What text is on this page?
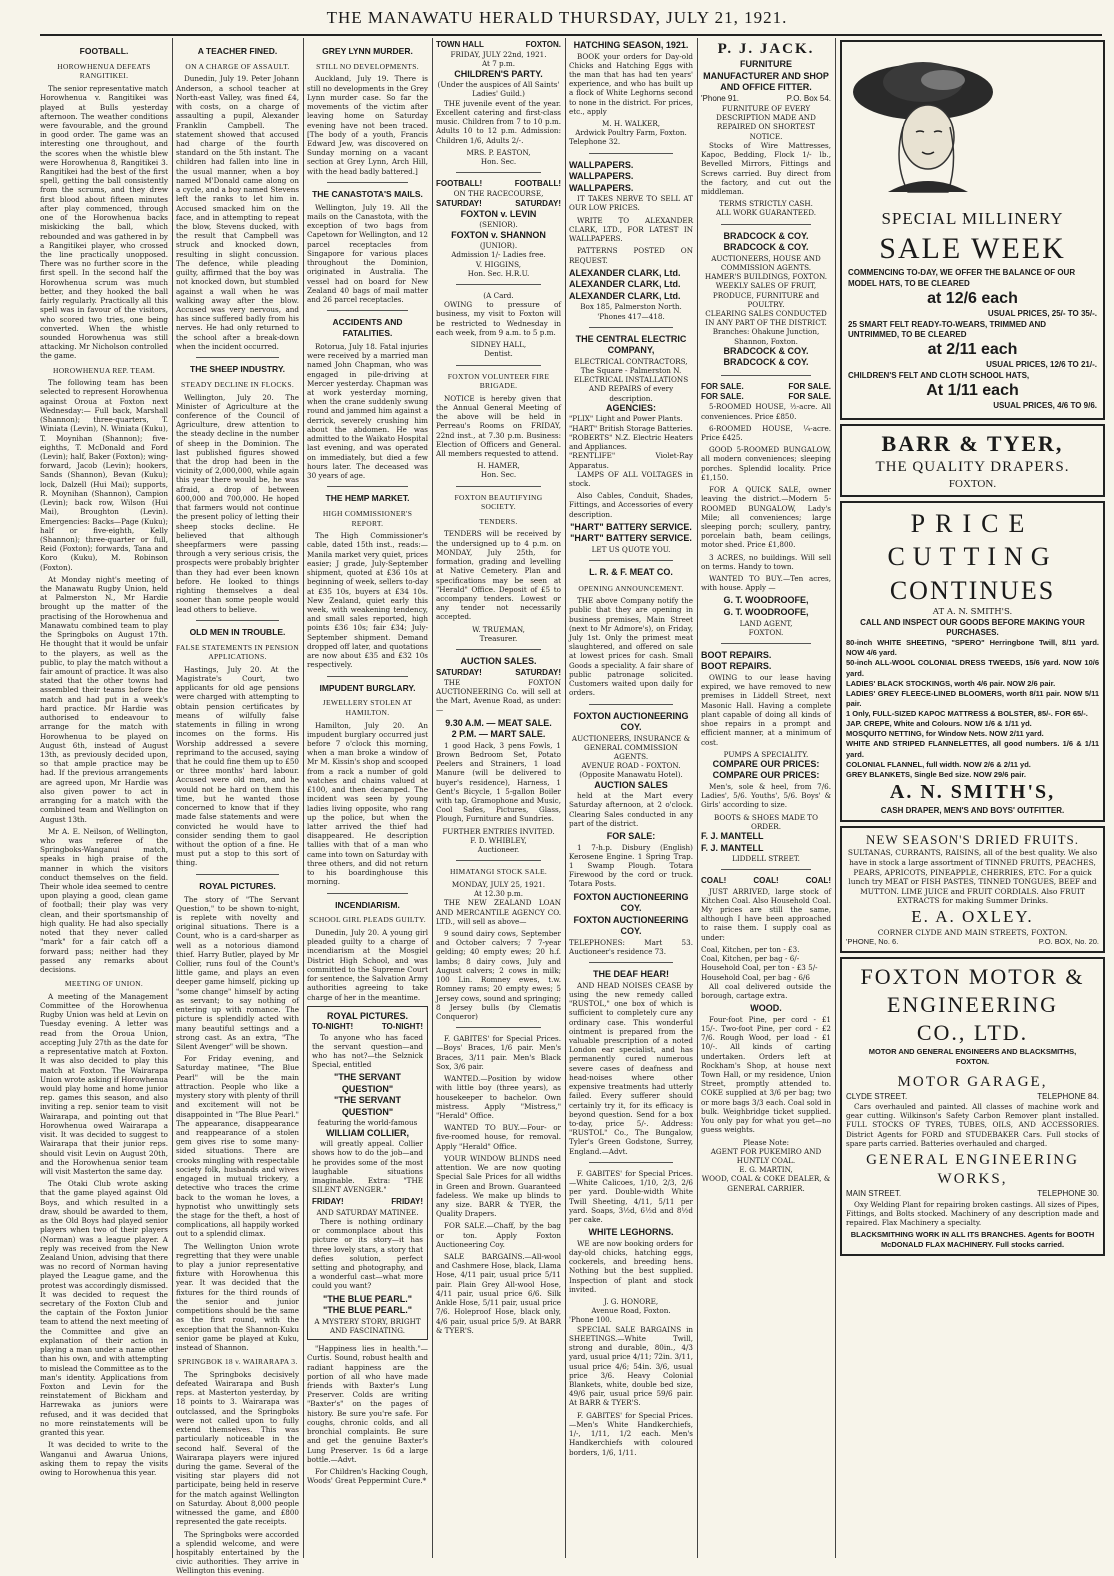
THE MANAWATU HERALD THURSDAY, JULY 21, 1921.
FOOTBALL.
HOROWHENUA DEFEATS RANGITIKEI.

The senior representative match Horowhenua v. Rangitikei was played at Bulls yesterday afternoon. The weather conditions were favourable, and the ground in good order. The game was an interesting one throughout, and the scores when the whistle blew were Horowhenua 8, Rangitikei 3. Rangitikei had the best of the first spell, getting the ball consistently from the scrums, and they drew first blood about fifteen minutes after play commenced, through one of the Horowhenua backs miskicking the ball, which rebounded and was gathered in by a Rangitikei player, who crossed the line practically unopposed. There was no further score in the first spell. In the second half the Horowhenua scrum was much better, and they hooked the ball fairly regularly. Practically all this spell was in favour of the visitors, who scored two tries, one being converted. When the whistle sounded Horowhenua was still attacking. Mr Nicholson controlled the game.

HOROWHENUA REP. TEAM.

The following team has been selected to represent Horowhenua against Oroua at Foxton next Wednesday:— Full back, Marshall (Shannon); three-quarters, T. Winiata (Levin), N. Winiata (Kuku), T. Moynihan (Shannon); five-eighths, T. McDonald and Ford (Levin); half, Baker (Foxton); wing-forward, Jacob (Levin); hookers, Sands (Shannon), Bevan (Kuku); lock, Dalzell (Hui Mai); supports, R. Moynihan (Shannon), Campion (Levin); back row, Wilson (Hui Mai), Broughton (Levin). Emergencies: Backs—Page (Kuku); half or five-eighth, Kelly (Shannon); three-quarter or full, Reid (Foxton); forwards, Tana and Koro (Kuku), M. Robinson (Foxton).

At Monday night's meeting of the Manawatu Rugby Union, held at Palmerston N., Mr Hardie brought up the matter of the practising of the Horowhenua and Manawatu combined team to play the Springboks on August 17th. He thought that it would be unfair to the players, as well as the public, to play the match without a fair amount of practice. It was also stated that the other towns had assembled their teams before the match and had put in a week's hard practice. Mr Hardie was authorised to endeavour to arrange for the match with Horowhenua to be played on August 6th, instead of August 13th, as previously decided upon, so that ample practice may be had. If the previous arrangements are agreed upon, Mr Hardie was also given power to act in arranging for a match with the combined team and Wellington on August 13th.

Mr A. E. Neilson, of Wellington, who was referee of the Springboks-Wanganui match, speaks in high praise of the manner in which the visitors conduct themselves on the field. Their whole idea seemed to centre upon playing a good, clean game of football; their play was very clean, and their sportsmanship of high quality. He had also specially noted that they never called "mark" for a fair catch off a forward pass; neither had they passed any remarks about decisions.

MEETING OF UNION.

A meeting of the Management Committee of the Horowhenua Rugby Union was held at Levin on Tuesday evening. A letter was read from the Oroua Union, accepting July 27th as the date for a representative match at Foxton. It was also decided to play this match at Foxton. The Wairarapa Union wrote asking if Horowhenua would play home and home junior rep. games this season, and also inviting a rep. senior team to visit Wairarapa, and pointing out that Horowhenua owed Wairarapa a visit. It was decided to suggest to Wairarapa that their junior reps. should visit Levin on August 20th, and the Horowhenua senior team will visit Masterton the same day.

The Otaki Club wrote asking that the game played against Old Boys, and which resulted in a draw, should be awarded to them, as the Old Boys had played senior players when two of their players (Norman) was a league player. A reply was received from the New Zealand Union, advising that there was no record of Norman having played the League game, and the protest was accordingly dismissed. It was decided to request the secretary of the Foxton Club and the captain of the Foxton Junior team to attend the next meeting of the Committee and give an explanation of their action in playing a man under a name other than his own, and with attempting to mislead the Committee as to the man's identity. Applications from Foxton and Levin for the reinstatement of Bickham and Harrewaka as juniors were refused, and it was decided that no more reinstatements will be granted this year.

It was decided to write to the Wanganui and Awarua Unions, asking them to repay the visits owing to Horowhenua this year.

A TEACHER FINED.
ON A CHARGE OF ASSAULT.

Dunedin, July 19. Peter Johann Anderson, a school teacher at North-east Valley, was fined £4, with costs, on a charge of assaulting a pupil, Alexander Franklin Campbell. The statement showed that accused had charge of the fourth standard on the 5th instant. The children had fallen into line in the usual manner, when a boy named M'Donald came along on a cycle, and a boy named Stevens left the ranks to let him in. Accused smacked him on the face, and in attempting to repeat the blow, Stevens ducked, with the result that Campbell was struck and knocked down, resulting in slight concussion. The defence, while pleading guilty, affirmed that the boy was not knocked down, but stumbled against a wall when he was walking away after the blow. Accused was very nervous, and has since suffered badly from his nerves. He had only returned to the school after a break-down when the incident occurred.

THE SHEEP INDUSTRY.
STEADY DECLINE IN FLOCKS.

Wellington, July 20. The Minister of Agriculture at the conference of the Council of Agriculture, drew attention to the steady decline in the number of sheep in the Dominion. The last published figures showed that the drop had been in the vicinity of 2,000,000, while again this year there would be, he was afraid, a drop of between 600,000 and 700,000. He hoped that farmers would not continue the present policy of letting their sheep stocks decline. He believed that although sheepfarmers were passing through a very serious crisis, the prospects were probably brighter than they had ever been known before. He looked to things righting themselves a deal sooner than some people would lead others to believe.

OLD MEN IN TROUBLE.
FALSE STATEMENTS IN PENSION APPLICATIONS.

Hastings, July 20. At the Magistrate's Court, two applicants for old age pensions were charged with attempting to obtain pension certificates by means of wilfully false statements in filling in wrong incomes on the forms. His Worship addressed a severe reprimand to the accused, saying that he could fine them up to £50 or three months' hard labour. Accused were old men, and he would not be hard on them this time, but he wanted those concerned to know that if they made false statements and were convicted he would have to consider sending them to gaol without the option of a fine. He must put a stop to this sort of thing.

ROYAL PICTURES.

The story of "The Servant Question," to be shown to-night, is replete with novelty and original situations. There is a Count, who is a card-sharper as well as a notorious diamond thief. Harry Butler, played by Mr Collier, runs foul of the Count's little game, and plays an even deeper game himself, picking up "some change" himself by acting as servant; to say nothing of entering up with romance. The picture is splendidly acted with many beautiful settings and a strong cast. As an extra, "The Silent Avenger" will be shown.

For Friday evening, and Saturday matinee, "The Blue Pearl" will be the main attraction. People who like a mystery story with plenty of thrill and excitement will not be disappointed in "The Blue Pearl." The appearance, disappearance and reappearance of a stolen gem gives rise to some many-sided situations. There are crooks mingling with respectable society folk, husbands and wives engaged in mutual trickery, a detective who traces the crime back to the woman he loves, a hypnotist who unwittingly sets the stage for the theft, a host of complications, all happily worked out to a splendid climax.

The Wellington Union wrote regretting that they were unable to play a junior representative fixture with Horowhenua this year. It was decided that the fixtures for the third rounds of the senior and junior competitions should be the same as the first round, with the exception that the Shannon-Kuku senior game be played at Kuku, instead of Shannon.

SPRINGBOK 18 v. WAIRARAPA 3.

The Springboks decisively defeated Wairarapa and Bush reps. at Masterton yesterday, by 18 points to 3. Wairarapa was outclassed, and the Springboks were not called upon to fully extend themselves. This was particularly noticeable in the second half. Several of the Wairarapa players were injured during the game. Several of the visiting star players did not participate, being held in reserve for the match against Wellington on Saturday. About 8,000 people witnessed the game, and £800 represented the gate receipts.

The Springboks were accorded a splendid welcome, and were hospitably entertained by the civic authorities. They arrive in Wellington this evening.

GREY LYNN MURDER.
STILL NO DEVELOPMENTS.

Auckland, July 19. There is still no developments in the Grey Lynn murder case. So far the movements of the victim after leaving home on Saturday evening have not been traced. [The body of a youth, Francis Edward Jew, was discovered on Sunday morning on a vacant section at Grey Lynn, Arch Hill, with the head badly battered.]

THE CANASTOTA'S MAILS.

Wellington, July 19. All the mails on the Canastota, with the exception of two bags from Capetown for Wellington, and 12 parcel receptacles from Singapore for various places throughout the Dominion, originated in Australia. The vessel had on board for New Zealand 40 bags of mail matter and 26 parcel receptacles.

ACCIDENTS AND FATALITIES.

Rotorua, July 18. Fatal injuries were received by a married man named John Chapman, who was engaged in pile-driving at Mercer yesterday. Chapman was at work yesterday morning, when the crane suddenly swung round and jammed him against a derrick, severely crushing him about the abdomen. He was admitted to the Waikato Hospital last evening, and was operated on immediately, but died a few hours later. The deceased was 30 years of age.

THE HEMP MARKET.
HIGH COMMISSIONER'S REPORT.

The High Commissioner's cable, dated 15th inst., reads:— Manila market very quiet, prices easier; J grade, July-September shipment, quoted at £36 10s at beginning of week, sellers to-day at £35 10s, buyers at £34 10s. New Zealand, quiet early this week, with weakening tendency, and small sales reported, high points £36 10s; fair £34; July-September shipment. Demand dropped off later, and quotations are now about £35 and £32 10s respectively.

IMPUDENT BURGLARY.
JEWELLERY STOLEN AT HAMILTON.

Hamilton, July 20. An impudent burglary occurred just before 7 o'clock this morning, when a man broke a window of Mr M. Kissin's shop and scooped from a rack a number of gold watches and chains valued at £100, and then decamped. The incident was seen by young ladies living opposite, who rang up the police, but when the latter arrived the thief had disappeared. He description tallies with that of a man who came into town on Saturday with three others, and did not return to his boardinghouse this morning.

INCENDIARISM.
SCHOOL GIRL PLEADS GUILTY.

Dunedin, July 20. A young girl pleaded guilty to a charge of incendiarism at the Mosgiel District High School, and was committed to the Supreme Court for sentence, the Salvation Army authorities agreeing to take charge of her in the meantime.

ROYAL PICTURES.
TO-NIGHT!	TO-NIGHT!

To anyone who has faced the servant question—and who has not?—the Selznick Special, entitled

"THE SERVANT QUESTION"
"THE SERVANT QUESTION"
featuring the world-famous
WILLIAM COLLIER,

will greatly appeal. Collier shows how to do the job—and he provides some of the most laughable situations imaginable. Extra: "THE SILENT AVENGER."

FRIDAY!	FRIDAY!
AND SATURDAY MATINEE.

There is nothing ordinary or commonplace about this picture or its story—it has three lovely stars, a story that defies solution, perfect setting and photography, and a wonderful cast—what more could you want?

"THE BLUE PEARL."
"THE BLUE PEARL."
A MYSTERY STORY, BRIGHT AND FASCINATING.

"Happiness lies in health."—Curtis. Sound, robust health and radiant happiness are the portion of all who have made friends with Baxter's Lung Preserver. Colds are writing "Baxter's" on the pages of history. Be sure you're safe. For coughs, chronic colds, and all bronchial complaints. Be sure and get the genuine Baxter's Lung Preserver. 1s 6d a large bottle.—Advt.

For Children's Hacking Cough, Woods' Great Peppermint Cure.*

TOWN HALL	FOXTON.
FRIDAY, JULY 22nd, 1921.
At 7 p.m.
CHILDREN'S PARTY.
(Under the auspices of All Saints' Ladies' Guild.)

THE juvenile event of the year. Excellent catering and first-class music. Children from 7 to 10 p.m. Adults 10 to 12 p.m. Admission: Children 1/6, Adults 2/-.

MRS. P. EASTON,
Hon. Sec.
FOOTBALL!	FOOTBALL!
ON THE RACECOURSE,
SATURDAY!	SATURDAY!
FOXTON v. LEVIN
(SENIOR).
FOXTON v. SHANNON
(JUNIOR).
Admission 1/- Ladies free.
V. HIGGINS,
Hon. Sec. H.R.U.
(A Card.

OWING to pressure of business, my visit to Foxton will be restricted to Wednesday in each week, from 9 a.m. to 5 p.m.

SIDNEY HALL,
Dentist.
FOXTON VOLUNTEER FIRE BRIGADE.

NOTICE is hereby given that the Annual General Meeting of the above will be held in Perreau's Rooms on FRIDAY, 22nd inst., at 7.30 p.m. Business: Election of Officers and General. All members requested to attend.

H. HAMER,
Hon. Sec.
FOXTON BEAUTIFYING SOCIETY.
TENDERS.

TENDERS will be received by the undersigned up to 4 p.m. on MONDAY, July 25th, for formation, grading and levelling at Native Cemetery. Plan and specifications may be seen at "Herald" Office. Deposit of £5 to accompany tenders. Lowest or any tender not necessarily accepted.

W. TRUEMAN,
Treasurer.
AUCTION SALES.
SATURDAY!	SATURDAY!

THE FOXTON AUCTIONEERING Co. will sell at the Mart, Avenue Road, as under:—

9.30 A.M. — MEAT SALE.
2 P.M. — MART SALE.

1 good Hack, 3 pens Fowls, 1 Brown Bedroom Set, Potato Peelers and Strainers, 1 load Manure (will be delivered to buyer's residence), Harness, 1 Gent's Bicycle, 1 5-gallon Boiler with tap, Gramophone and Music, Cool Safes, Pictures, Glass, Plough, Furniture and Sundries.

FURTHER ENTRIES INVITED.
F. D. WHIBLEY,
Auctioneer.
HIMATANGI STOCK SALE.
MONDAY, JULY 25, 1921.
At 12.30 p.m.

THE NEW ZEALAND LOAN AND MERCANTILE AGENCY CO. LTD., will sell as above—

9 sound dairy cows, September and October calvers; 7 7-year gelding; 40 empty ewes; 20 h.f. lambs; 8 dairy cows, July and August calvers; 2 cows in milk; 100 Lin. Romney ewes, t.w. Romney rams; 20 empty ewes; 5 Jersey cows, sound and springing; 8 Jersey bulls (by Clematis Conqueror)

F. GABITES' for Special Prices.—Boys' Braces, 1/6 pair. Men's Braces, 3/11 pair. Men's Black Sox, 3/6 pair.

WANTED.—Position by widow with little boy (three years), as housekeeper to bachelor. Own mistress. Apply "Mistress," "Herald" Office.

WANTED TO BUY.—Four- or five-roomed house, for removal. Apply "Herald" Office.

YOUR WINDOW BLINDS need attention. We are now quoting Special Sale Prices for all widths in Green and Brown. Guaranteed fadeless. We make up blinds to any size. BARR & TYER, the Quality Drapers.

FOR SALE.—Chaff, by the bag or ton. Apply Foxton Auctioneering Coy.

SALE BARGAINS.—All-wool and Cashmere Hose, black, Llama Hose, 4/11 pair, usual price 5/11 pair. Plain Grey All-wool Hose, 4/11 pair, usual price 6/6. Silk Ankle Hose, 5/11 pair, usual price 7/6. Holeproof Hose, black only, 4/6 pair, usual price 5/9. At BARR & TYER'S.

HATCHING SEASON, 1921.

BOOK your orders for Day-old Chicks and Hatching Eggs with the man that has had ten years' experience, and who has built up a flock of White Leghorns second to none in the district. For prices, etc., apply

M. H. WALKER,
Ardwick Poultry Farm, Foxton.
Telephone 32.
WALLPAPERS.
WALLPAPERS.
WALLPAPERS.

IT TAKES NERVE TO SELL AT OUR LOW PRICES.

WRITE TO ALEXANDER CLARK, LTD., FOR LATEST IN WALLPAPERS.

PATTERNS POSTED ON REQUEST.

ALEXANDER CLARK, Ltd.
ALEXANDER CLARK, Ltd.
ALEXANDER CLARK, Ltd.
Box 185, Palmerston North. 'Phones 417—418.
THE CENTRAL ELECTRIC COMPANY,
ELECTRICAL CONTRACTORS, The Square - Palmerston N.
ELECTRICAL INSTALLATIONS AND REPAIRS of every description.
AGENCIES:
"PLIX" Light and Power Plants.
"HART" British Storage Batteries.
"ROBERTS" N.Z. Electric Heaters and Appliances.
"RENTLIFE" Violet-Ray Apparatus.

LAMPS OF ALL VOLTAGES in stock.

Also Cables, Conduit, Shades, Fittings, and Accessories of every description.

"HART" BATTERY SERVICE.
"HART" BATTERY SERVICE.
LET US QUOTE YOU.
L. R. & F. MEAT CO.
OPENING ANNOUNCEMENT.

THE above Company notify the public that they are opening in business premises, Main Street (next to Mr Admore's), on Friday, July 1st. Only the primest meat slaughtered, and offered on sale at lowest prices for cash. Small Goods a speciality. A fair share of public patronage solicited. Customers waited upon daily for orders.

FOXTON AUCTIONEERING COY.
AUCTIONEERS, INSURANCE & GENERAL COMMISSION AGENTS.
AVENUE ROAD - FOXTON. (Opposite Manawatu Hotel).
AUCTION SALES

held at the Mart every Saturday afternoon, at 2 o'clock. Clearing Sales conducted in any part of the district.

FOR SALE:

1 7-h.p. Disbury (English) Kerosene Engine. 1 Spring Trap. 1 Swamp Plough. Totara Firewood by the cord or truck. Totara Posts.

FOXTON AUCTIONEERING COY.
FOXTON AUCTIONEERING COY.
TELEPHONES: Mart 53. Auctioneer's residence 73.
THE DEAF HEAR!

AND HEAD NOISES CEASE by using the new remedy called "RUSTOL," one box of which is sufficient to completely cure any ordinary case. This wonderful ointment is prepared from the valuable prescription of a noted London ear specialist, and has permanently cured numerous severe cases of deafness and head-noises where other expensive treatments had utterly failed. Every sufferer should certainly try it, for its efficacy is beyond question. Send for a box to-day, price 5/-. Address: "RUSTOL" Co., The Bungalow, Tyler's Green Godstone, Surrey, England.—Advt.

F. GABITES' for Special Prices.—White Calicoes, 1/10, 2/3, 2/6 per yard. Double-width White Twill Sheeting, 4/11, 5/11 per yard. Soaps, 3½d, 6½d and 8½d per cake.

WHITE LEGHORNS.

WE are now booking orders for day-old chicks, hatching eggs, cockerels, and breeding hens. Nothing but the best supplied. Inspection of plant and stock invited.

J. G. HONORE,
Avenue Road, Foxton.
'Phone 100.

SPECIAL SALE BARGAINS in SHEETINGS.—White Twill, strong and durable, 80in., 4/3 yard, usual price 4/11; 72in. 3/11, usual price 4/6; 54in. 3/6, usual price 3/6. Heavy Colonial Blankets, white, double bed size, 49/6 pair, usual price 59/6 pair. At BARR & TYER'S.

F. GABITES' for Special Prices.—Men's White Handkerchiefs, 1/-, 1/11, 1/2 each. Men's Handkerchiefs with coloured borders, 1/6, 1/11.

P. J. JACK.
FURNITURE MANUFACTURER AND SHOP AND OFFICE FITTER.
'Phone 91.	P.O. Box 54.
FURNITURE OF EVERY DESCRIPTION MADE AND REPAIRED ON SHORTEST NOTICE.

Stocks of Wire Mattresses, Kapoc, Bedding, Flock 1/- lb., Bevelled Mirrors, Fittings and Screws carried. Buy direct from the factory, and cut out the middleman.

TERMS STRICTLY CASH.
ALL WORK GUARANTEED.
BRADCOCK & COY.
BRADCOCK & COY.
AUCTIONEERS, HOUSE AND COMMISSION AGENTS.
HAMER'S BUILDINGS, FOXTON.
WEEKLY SALES OF FRUIT, PRODUCE, FURNITURE and POULTRY.
CLEARING SALES CONDUCTED IN ANY PART OF THE DISTRICT.
Branches: Ohakune Junction, Shannon, Foxton.
BRADCOCK & COY.
BRADCOCK & COY.
FOR SALE.	FOR SALE.
FOR SALE.	FOR SALE.

5-ROOMED HOUSE, ½-acre. All conveniences. Price £850.

6-ROOMED HOUSE, ¼-acre. Price £425.

GOOD 5-ROOMED BUNGALOW, all modern conveniences; sleeping porches. Splendid locality. Price £1,150.

FOR A QUICK SALE, owner leaving the district.—Modern 5-ROOMED BUNGALOW, Lady's Mile; all conveniences; large sleeping porch; scullery, pantry, porcelain bath, beam ceilings, motor shed. Price £1,800.

3 ACRES, no buildings. Will sell on terms. Handy to town.

WANTED TO BUY.—Ten acres, with house. Apply —

G. T. WOODROOFE,
G. T. WOODROOFE,
LAND AGENT,
FOXTON.
BOOT REPAIRS.
BOOT REPAIRS.

OWING to our lease having expired, we have removed to new premises in Liddell Street, next Masonic Hall. Having a complete plant capable of doing all kinds of shoe repairs in a prompt and efficient manner, at a minimum of cost.

PUMPS A SPECIALITY.
COMPARE OUR PRICES:
COMPARE OUR PRICES:

Men's, sole & heel, from 7/6. Ladies', 5/6. Youths', 5/6. Boys' & Girls' according to size.

BOOTS & SHOES MADE TO ORDER.
F. J. MANTELL
F. J. MANTELL
LIDDELL STREET.
COAL!	COAL!	COAL!

JUST ARRIVED, large stock of Kitchen Coal. Also Household Coal. My prices are still the same, although I have been approached to raise them. I supply coal as under:

Coal, Kitchen, per ton - £3.
Coal, Kitchen, per bag - 6/-
Household Coal, per ton - £3 5/-
Household Coal, per bag - 6/6

All coal delivered outside the borough, cartage extra.

WOOD.

Four-foot Pine, per cord - £1 15/-. Two-foot Pine, per cord - £2 7/6. Rough Wood, per load - £1 10/-. All kinds of carting undertaken. Orders left at Rockham's Shop, at house next Town Hall, or my residence, Union Street, promptly attended to. COKE supplied at 3/6 per bag; two or more bags 3/3 each. Coal sold in bulk. Weighbridge ticket supplied. You only pay for what you get—no guess weights.

Please Note:
AGENT FOR PUKEMIRO AND HUNTLY COAL.
E. G. MARTIN,
WOOD, COAL & COKE DEALER, & GENERAL CARRIER.
SPECIAL MILLINERY
SALE WEEK
COMMENCING TO-DAY, WE OFFER THE BALANCE OF OUR MODEL HATS, TO BE CLEARED
at 12/6 each
USUAL PRICES, 25/- TO 35/-.
25 SMART FELT READY-TO-WEARS, TRIMMED AND UNTRIMMED, TO BE CLEARED
at 2/11 each
USUAL PRICES, 12/6 TO 21/-.
CHILDREN'S FELT AND CLOTH SCHOOL HATS,
At 1/11 each
USUAL PRICES, 4/6 TO 9/6.
BARR & TYER,
THE QUALITY DRAPERS.
FOXTON.
PRICE
CUTTING
CONTINUES
AT A. N. SMITH'S.
CALL AND INSPECT OUR GOODS BEFORE MAKING YOUR PURCHASES.
80-inch WHITE SHEETING, "SPERO" Herringbone Twill, 8/11 yard. NOW 4/6 yard.
50-inch ALL-WOOL COLONIAL DRESS TWEEDS, 15/6 yard. NOW 10/6 yard.
LADIES' BLACK STOCKINGS, worth 4/6 pair. NOW 2/6 pair.
LADIES' GREY FLEECE-LINED BLOOMERS, worth 8/11 pair. NOW 5/11 pair.
1 Only, FULL-SIZED KAPOC MATTRESS & BOLSTER, 85/-. FOR 65/-.
JAP. CREPE, White and Colours. NOW 1/6 & 1/11 yd.
MOSQUITO NETTING, for Window Nets. NOW 2/11 yard.
WHITE AND STRIPED FLANNELETTES, all good numbers. 1/6 & 1/11 yard.
COLONIAL FLANNEL, full width. NOW 2/6 & 2/11 yd.
GREY BLANKETS, Single Bed size. NOW 29/6 pair.
A. N. SMITH'S,
CASH DRAPER, MEN'S AND BOYS' OUTFITTER.
NEW SEASON'S DRIED FRUITS.
SULTANAS, CURRANTS, RAISINS, all of the best quality. We also have in stock a large assortment of TINNED FRUITS, PEACHES, PEARS, APRICOTS, PINEAPPLE, CHERRIES, ETC. For a quick lunch try MEAT or FISH PASTES, TINNED TONGUES, BEEF and MUTTON. LIME JUICE and FRUIT CORDIALS. Also FRUIT EXTRACTS for making Summer Drinks.
E. A. OXLEY.
CORNER CLYDE AND MAIN STREETS, FOXTON.
'PHONE, No. 6.	P.O. BOX, No. 20.
FOXTON MOTOR &
ENGINEERING
CO., LTD.
MOTOR AND GENERAL ENGINEERS AND BLACKSMITHS,
FOXTON.
MOTOR GARAGE,
CLYDE STREET.	TELEPHONE 84.

Cars overhauled and painted. All classes of machine work and gear cutting. Wilkinson's Safety Carbon Remover plant installed. FULL STOCKS OF TYRES, TUBES, OILS, AND ACCESSORIES. District Agents for FORD and STUDEBAKER Cars. Full stocks of spare parts carried. Batteries overhauled and charged.

GENERAL ENGINEERING
WORKS,
MAIN STREET.	TELEPHONE 30.

Oxy Welding Plant for repairing broken castings. All sizes of Pipes, Fittings, and Bolts stocked. Machinery of any description made and repaired. Flax Machinery a specialty.

BLACKSMITHING WORK IN ALL ITS BRANCHES. Agents for BOOTH McDONALD FLAX MACHINERY. Full stocks carried.
